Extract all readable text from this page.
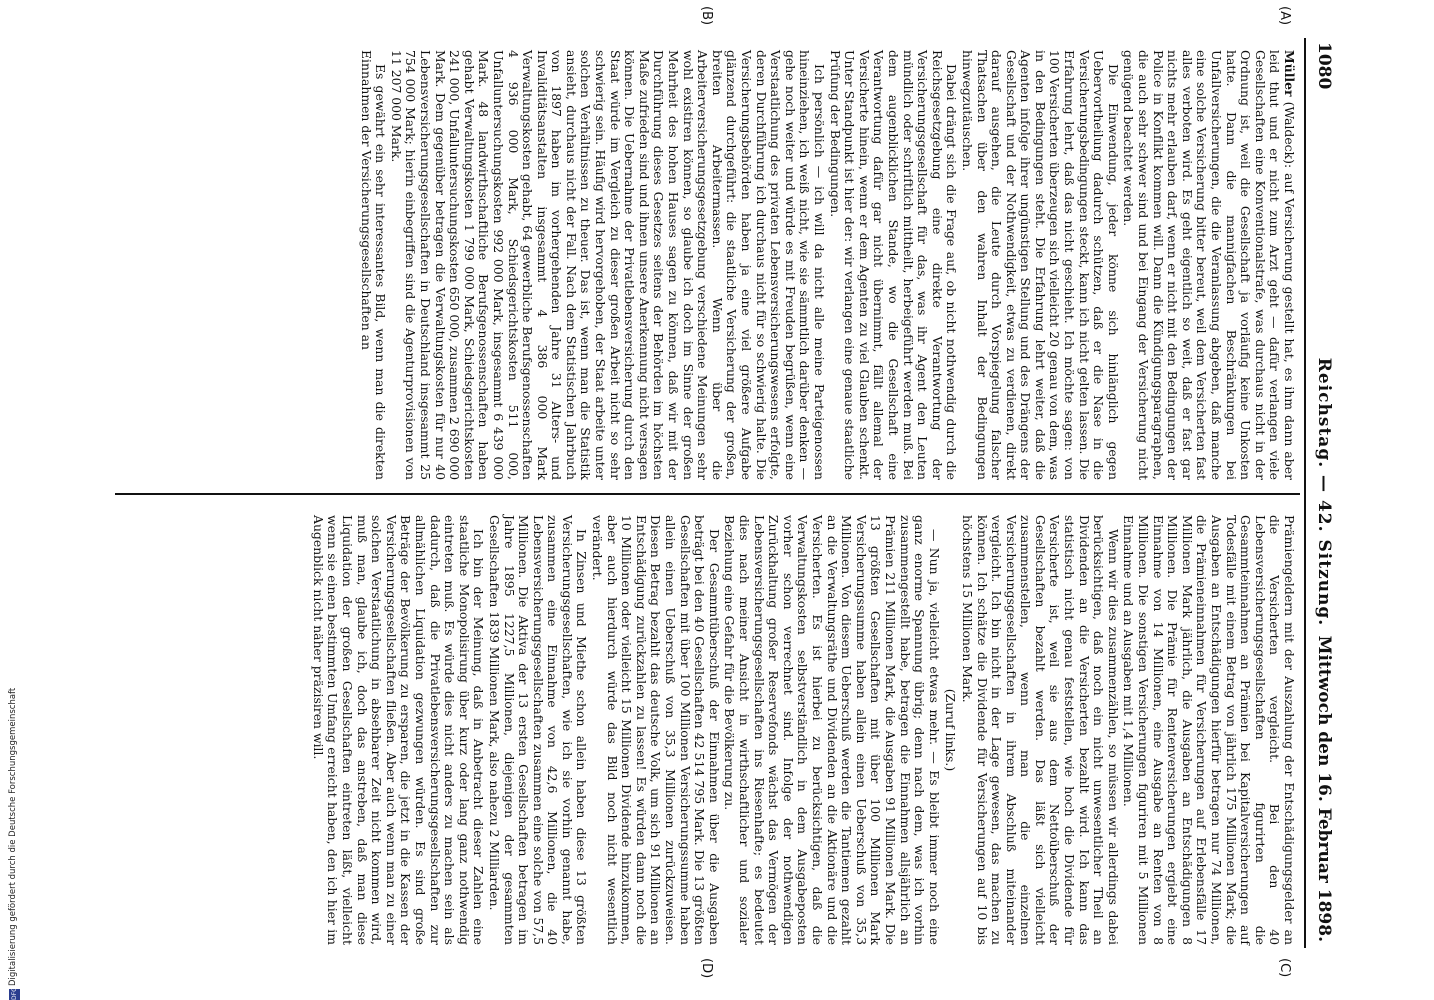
1080
Reichstag. — 42. Sitzung.
Mittwoch den 16. Februar 1898.
(A)
(B)
(C)
(D)

Müller (Waldeck): auf Versicherung gestellt hat, es ihm dann aber leid thut und er nicht zum Arzt geht — dafür verlangen viele Gesellschaften eine Konventionalstrafe, was durchaus nicht in der Ordnung ist, weil die Gesellschaft ja vorläufig keine Unkosten hatte. Dann die mannigfachen Beschränkungen bei Unfallversicherungen, die die Veranlassung abgeben, daß manche eine solche Versicherung bitter bereut, weil dem Versicherten fast alles verboten wird. Es geht eigentlich so weit, daß er fast gar nichts mehr erlauben darf, wenn er nicht mit den Bedingungen der Police in Konflikt kommen will. Dann die Kündigungsparagraphen, die auch sehr schwer sind und bei Eingang der Versicherung nicht genügend beachtet werden.

Die Einwendung, jeder könne sich hinlänglich gegen Uebervortheilung dadurch schützen, daß er die Nase in die Versicherungsbedingungen steckt, kann ich nicht gelten lassen. Die Erfahrung lehrt, daß das nicht geschieht. Ich möchte sagen: von 100 Versicherten überzeugen sich vielleicht 20 genau von dem, was in den Bedingungen steht. Die Erfahrung lehrt weiter, daß die Agenten infolge ihrer ungünstigen Stellung und des Drängens der Gesellschaft und der Nothwendigkeit, etwas zu verdienen, direkt darauf ausgehen, die Leute durch Vorspiegelung falscher Thatsachen über den wahren Inhalt der Bedingungen hinwegzutäuschen.

Dabei drängt sich die Frage auf, ob nicht nothwendig durch die Reichsgesetzgebung eine direkte Verantwortung der Versicherungsgesellschaft für das, was ihr Agent den Leuten mündlich oder schriftlich mittheilt, herbeigeführt werden muß. Bei dem augenblicklichen Stande, wo die Gesellschaft eine Verantwortung dafür gar nicht übernimmt, fällt allemal der Versicherte hinein, wenn er dem Agenten zu viel Glauben schenkt. Unter Standpunkt ist hier der: wir verlangen eine genaue staatliche Prüfung der Bedingungen.

Ich persönlich — ich will da nicht alle meine Parteigenossen hineinziehen, ich weiß nicht, wie sie sämmtlich darüber denken — gehe noch weiter und würde es mit Freuden begrüßen, wenn eine Verstaatlichung des privaten Lebensversicherungswesens erfolgte, deren Durchführung ich durchaus nicht für so schwierig halte. Die Versicherungsbehörden haben ja eine viel größere Aufgabe glänzend durchgeführt: die staatliche Versicherung der großen, breiten Arbeitermassen. Wenn über die Arbeiterversicherungsgesetzgebung verschiedene Meinungen sehr wohl existiren können, so glaube ich doch im Sinne der großen Mehrheit des hohen Hauses sagen zu können, daß wir mit der Durchführung dieses Gesetzes seitens der Behörden im höchsten Maße zufrieden sind und ihnen unsere Anerkennung nicht versagen können. Die Uebernahme der Privatlebensversicherung durch den Staat würde im Vergleich zu dieser großen Arbeit nicht so sehr schwierig sein. Häufig wird hervorgehoben, der Staat arbeite unter solchen Verhältnissen zu theuer. Das ist, wenn man die Statistik ansieht, durchaus nicht der Fall. Nach dem Statistischen Jahrbuch von 1897 haben im vorhergehenden Jahre 31 Alters- und Invaliditätsanstalten insgesammt 4 386 000 Mark Verwaltungskosten gehabt, 64 gewerbliche Berufsgenossenschaften 4 936 000 Mark, Schiedsgerichtskosten 511 000, Unfalluntersuchungskosten 992 000 Mark, insgesammt 6 439 000 Mark. 48 landwirthschaftliche Berufsgenossenschaften haben gehabt Verwaltungskosten 1 799 000 Mark, Schiedsgerichtskosten 241 000, Unfalluntersuchungskosten 650 000, zusammen 2 690 000 Mark. Dem gegenüber betragen die Verwaltungskosten für nur 40 Lebensversicherungsgesellschaften in Deutschland insgesammt 25 754 000 Mark; hierin einbegriffen sind die Agenturprovisionen von 11 207 000 Mark.

Es gewährt ein sehr interessantes Bild, wenn man die direkten Einnahmen der Versicherungsgesellschaften an

Prämiengeldern mit der Auszahlung der Entschädigungsgelder an die Versicherten vergleicht. Bei den 40 Lebensversicherungsgesellschaften figurirten die Gesammteinnahmen an Prämien bei Kapitalversicherungen auf Todesfälle mit einem Betrag von jährlich 175 Millionen Mark; die Ausgaben an Entschädigungen hierfür betragen nur 74 Millionen, die Prämieneinnahmen für Versicherungen auf Erlebensfälle 17 Millionen Mark jährlich, die Ausgaben an Entschädigungen 8 Millionen. Die Prämie für Rentenversicherungen ergiebt eine Einnahme von 14 Millionen, eine Ausgabe an Renten von 8 Millionen. Die sonstigen Versicherungen figuriren mit 5 Millionen Einnahme und an Ausgaben mit 1,4 Millionen.

Wenn wir dies zusammenzählen, so müssen wir allerdings dabei berücksichtigen, daß noch ein nicht unwesentlicher Theil an Dividenden an die Versicherten bezahlt wird. Ich kann das statistisch nicht genau feststellen, wie hoch die Dividende für Versicherte ist, weil sie aus dem Nettoüberschuß der Gesellschaften bezahlt werden. Das läßt sich vielleicht zusammenstellen, wenn man die einzelnen Versicherungsgesellschaften in ihrem Abschluß miteinander vergleicht. Ich bin nicht in der Lage gewesen, das machen zu können. Ich schätze die Dividende für Versicherungen auf 10 bis höchstens 15 Millionen Mark.

(Zuruf links.)

— Nun ja, vielleicht etwas mehr. — Es bleibt immer noch eine ganz enorme Spannung übrig; denn nach dem, was ich vorhin zusammengestellt habe, betragen die Einnahmen allsjährlich an Prämien 211 Millionen Mark, die Ausgaben 91 Millionen Mark. Die 13 größten Gesellschaften mit über 100 Millionen Mark Versicherungssumme haben allein einen Ueberschuß von 35,3 Millionen. Von diesem Ueberschuß werden die Tantiemen gezahlt an die Verwaltungsräthe und Dividenden an die Aktionäre und die Versicherten. Es ist hierbei zu berücksichtigen, daß die Verwaltungskosten selbstverständlich in dem Ausgabeposten vorher schon verrechnet sind. Infolge der nothwendigen Zurückhaltung großer Reservefonds wächst das Vermögen der Lebensversicherungsgesellschaften ins Riesenhafte; es bedeutet dies nach meiner Ansicht in wirthschaftlicher und sozialer Beziehung eine Gefahr für die Bevölkerung zu.

Der Gesammtüberschuß der Einnahmen über die Ausgaben beträgt bei den 40 Gesellschaften 42 514 795 Mark. Die 13 größten Gesellschaften mit über 100 Millionen Versicherungssumme haben allein einen Ueberschuß von 35,3 Millionen zurückzuweisen. Diesen Betrag bezahlt das deutsche Volk, um sich 91 Millionen an Entschädigung zurückzahlen zu lassen! Es würden dann noch die 10 Millionen oder vielleicht 15 Millionen Dividende hinzukommen, aber auch hierdurch würde das Bild noch nicht wesentlich verändert.

In Zinsen und Miethe schon allein haben diese 13 größten Versicherungsgesellschaften, wie ich sie vorhin genannt habe, zusammen eine Einnahme von 42,6 Millionen, die 40 Lebensversicherungsgesellschaften zusammen eine solche von 57,5 Millionen. Die Aktiva der 13 ersten Gesellschaften betragen im Jahre 1895 1227,5 Millionen, diejenigen der gesammten Gesellschaften 1839 Millionen Mark, also nahezu 2 Milliarden.

Ich bin der Meinung, daß in Anbetracht dieser Zahlen eine staatliche Monopolisirung über kurz oder lang ganz nothwendig eintreten muß. Es würde dies nicht anders zu machen sein als dadurch, daß die Privatlebensversicherungsgesellschaften zur allmählichen Liquidation gezwungen würden. Es sind große Beträge der Bevölkerung zu ersparen, die jetzt in die Kassen der Versicherungsgesellschaften fließen. Aber auch wenn man zu einer solchen Verstaatlichung in absehbarer Zeit nicht kommen wird, muß man, glaube ich, doch das anstreben, daß man diese Liquidation der großen Gesellschaften eintreten läßt, vielleicht wenn sie einen bestimmten Umfang erreicht haben, den ich hier im Augenblick nicht näher präzisiren will.

DFG
Digitalisierung gefördert durch die Deutsche Forschungsgemeinschaft
